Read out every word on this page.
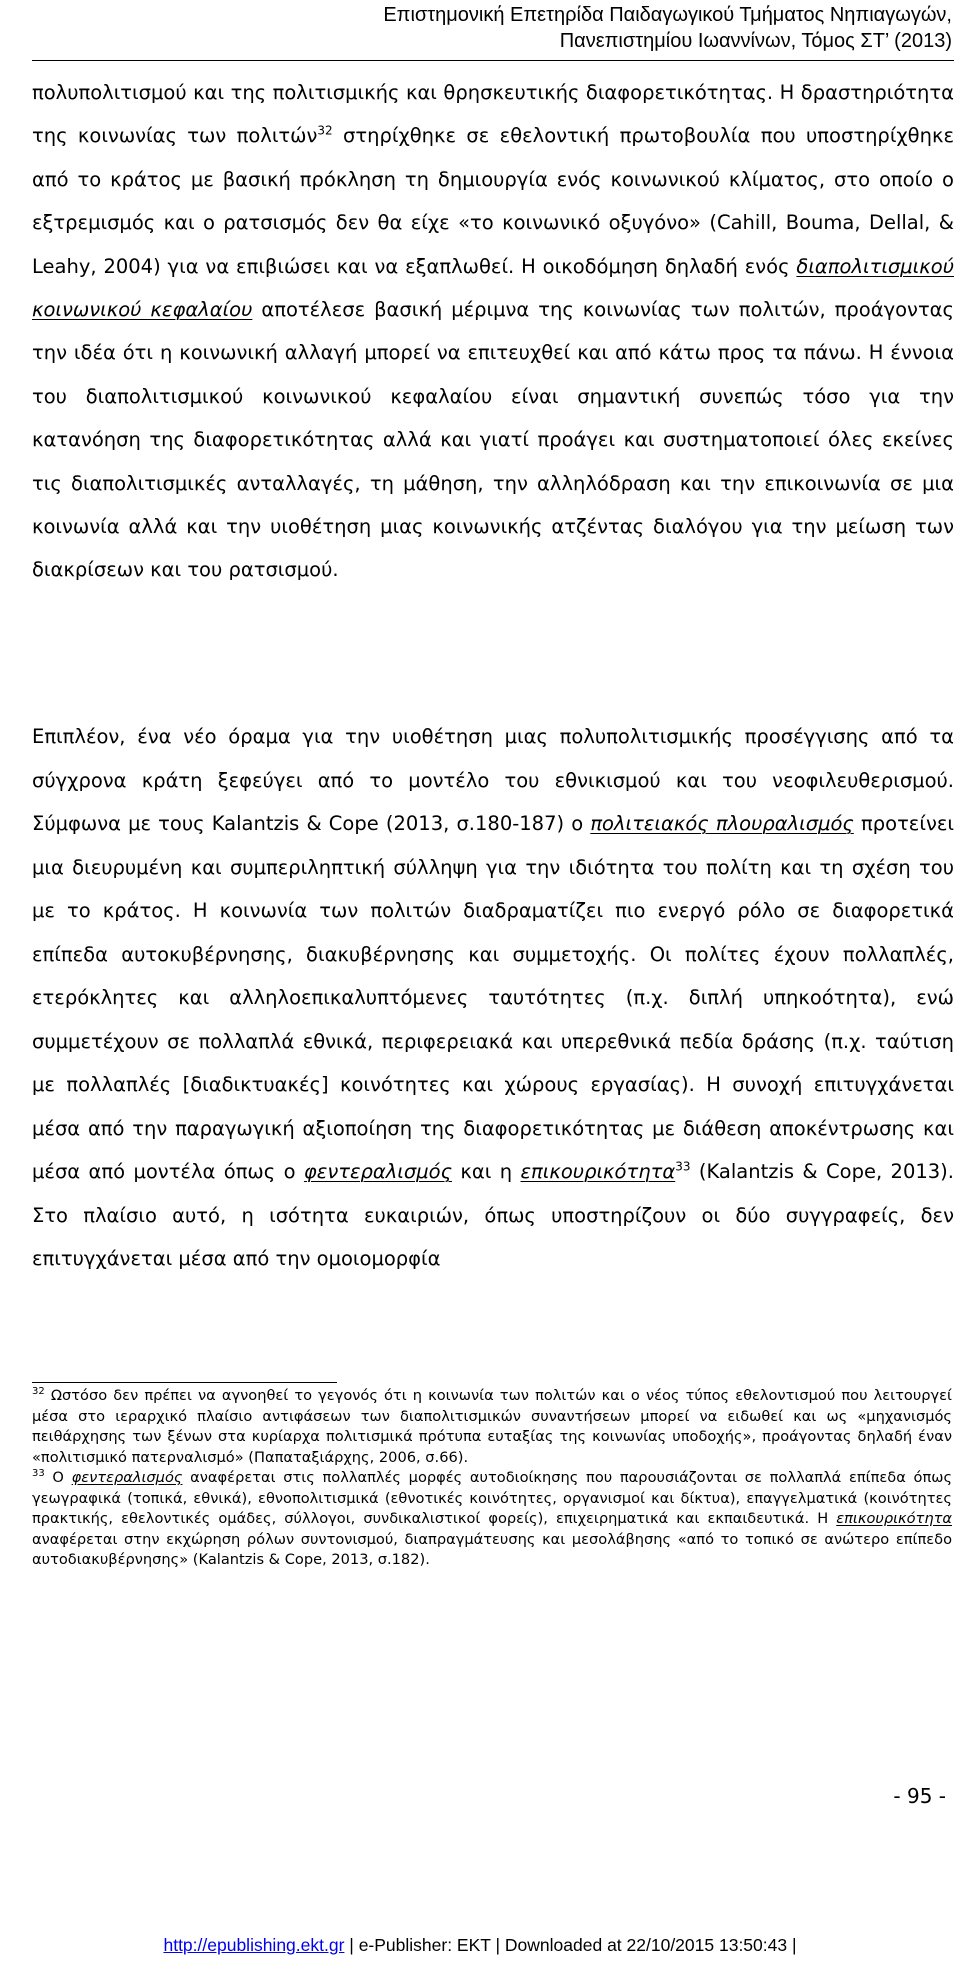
Επιστημονική Επετηρίδα Παιδαγωγικού Τμήματος Νηπιαγωγών,
Πανεπιστημίου Ιωαννίνων, Τόμος ΣΤ’ (2013)

πολυπολιτισμού και της πολιτισμικής και θρησκευτικής διαφορετικότητας. Η δραστηριότητα της κοινωνίας των πολιτών$^{32}$ στηρίχθηκε σε εθελοντική πρωτοβουλία που υποστηρίχθηκε από το κράτος με βασική πρόκληση τη δημιουργία ενός κοινωνικού κλίματος, στο οποίο ο εξτρεμισμός και ο ρατσισμός δεν θα είχε «το κοινωνικό οξυγόνο» (Cahill, Bouma, Dellal, & Leahy, 2004) για να επιβιώσει και να εξαπλωθεί. Η οικοδόμηση δηλαδή ενός διαπολιτισμικού κοινωνικού κεφαλαίου αποτέλεσε βασική μέριμνα της κοινωνίας των πολιτών, προάγοντας την ιδέα ότι η κοινωνική αλλαγή μπορεί να επιτευχθεί και από κάτω προς τα πάνω. Η έννοια του διαπολιτισμικού κοινωνικού κεφαλαίου είναι σημαντική συνεπώς τόσο για την κατανόηση της διαφορετικότητας αλλά και γιατί προάγει και συστηματοποιεί όλες εκείνες τις διαπολιτισμικές ανταλλαγές, τη μάθηση, την αλληλόδραση και την επικοινωνία σε μια κοινωνία αλλά και την υιοθέτηση μιας κοινωνικής ατζέντας διαλόγου για την μείωση των διακρίσεων και του ρατσισμού.

Επιπλέον, ένα νέο όραμα για την υιοθέτηση μιας πολυπολιτισμικής προσέγγισης από τα σύγχρονα κράτη ξεφεύγει από το μοντέλο του εθνικισμού και του νεοφιλευθερισμού. Σύμφωνα με τους Kalantzis & Cope (2013, σ.180-187) ο πολιτειακός πλουραλισμός προτείνει μια διευρυμένη και συμπεριληπτική σύλληψη για την ιδιότητα του πολίτη και τη σχέση του με το κράτος. Η κοινωνία των πολιτών διαδραματίζει πιο ενεργό ρόλο σε διαφορετικά επίπεδα αυτοκυβέρνησης, διακυβέρνησης και συμμετοχής. Οι πολίτες έχουν πολλαπλές, ετερόκλητες και αλληλοεπικαλυπτόμενες ταυτότητες (π.χ. διπλή υπηκοότητα), ενώ συμμετέχουν σε πολλαπλά εθνικά, περιφερειακά και υπερεθνικά πεδία δράσης (π.χ. ταύτιση με πολλαπλές [διαδικτυακές] κοινότητες και χώρους εργασίας). Η συνοχή επιτυγχάνεται μέσα από την παραγωγική αξιοποίηση της διαφορετικότητας με διάθεση αποκέντρωσης και μέσα από μοντέλα όπως ο φεντεραλισμός και η επικουρικότητα$^{33}$ (Kalantzis & Cope, 2013). Στο πλαίσιο αυτό, η ισότητα ευκαιριών, όπως υποστηρίζουν οι δύο συγγραφείς, δεν επιτυγχάνεται μέσα από την ομοιομορφία

$^{32}$ Ωστόσο δεν πρέπει να αγνοηθεί το γεγονός ότι η κοινωνία των πολιτών και ο νέος τύπος εθελοντισμού που λειτουργεί μέσα στο ιεραρχικό πλαίσιο αντιφάσεων των διαπολιτισμικών συναντήσεων μπορεί να ειδωθεί και ως «μηχανισμός πειθάρχησης των ξένων στα κυρίαρχα πολιτισμικά πρότυπα ευταξίας της κοινωνίας υποδοχής», προάγοντας δηλαδή έναν «πολιτισμικό πατερναλισμό» (Παπαταξιάρχης, 2006, σ.66).

$^{33}$ Ο φεντεραλισμός αναφέρεται στις πολλαπλές μορφές αυτοδιοίκησης που παρουσιάζονται σε πολλαπλά επίπεδα όπως γεωγραφικά (τοπικά, εθνικά), εθνοπολιτισμικά (εθνοτικές κοινότητες, οργανισμοί και δίκτυα), επαγγελματικά (κοινότητες πρακτικής, εθελοντικές ομάδες, σύλλογοι, συνδικαλιστικοί φορείς), επιχειρηματικά και εκπαιδευτικά. Η επικουρικότητα αναφέρεται στην εκχώρηση ρόλων συντονισμού, διαπραγμάτευσης και μεσολάβησης «από το τοπικό σε ανώτερο επίπεδο αυτοδιακυβέρνησης» (Kalantzis & Cope, 2013, σ.182).

- 95 -
http://epublishing.ekt.gr | e-Publisher: EKT | Downloaded at 22/10/2015 13:50:43 |
